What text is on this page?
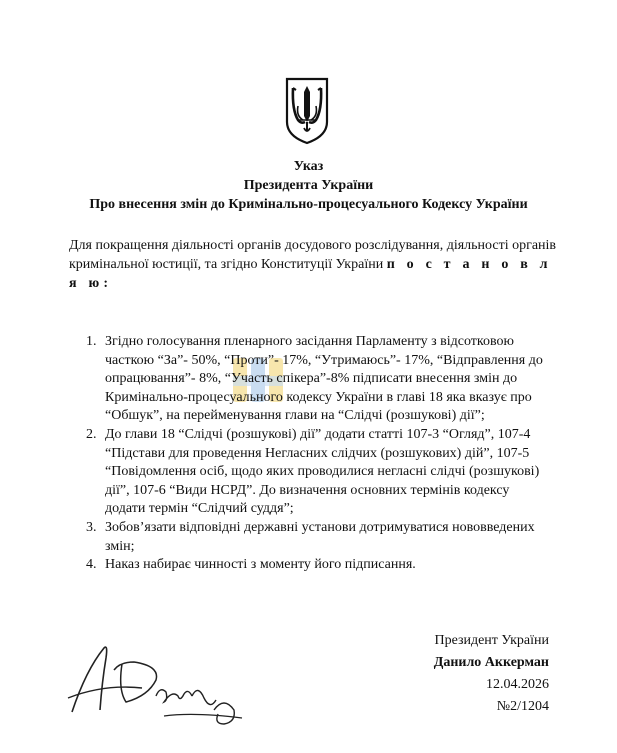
Указ
Президента України
Про внесення змін до Кримінально-процесуального Кодексу України
Для покращення діяльності органів досудового розслідування, діяльності органів кримінальної юстиції, та згідно Конституції України п о с т а н о в л я ю:
1. Згідно голосування пленарного засідання Парламенту з відсотковою часткою “За”- 50%, “Проти”- 17%, “Утримаюсь”- 17%, “Відправлення до опрацювання”- 8%, “Участь спікера”-8% підписати внесення змін до Кримінально-процесуального кодексу України в главі 18 яка вказує про “Обшук”, на перейменування глави на “Слідчі (розшукові) дії”;
2. До глави 18 “Слідчі (розшукові) дії” додати статті 107-3 “Огляд”, 107-4 “Підстави для проведення Негласних слідчих (розшукових) дій”, 107-5 “Повідомлення осіб, щодо яких проводилися негласні слідчі (розшукові) дії”, 107-6 “Види НСРД”. До визначення основних термінів кодексу додати термін “Слідчий суддя”;
3. Зобов’язати відповідні державні установи дотримуватися нововведених змін;
4. Наказ набирає чинності з моменту його підписання.
Президент України
Данило Аккерман
12.04.2026
№2/1204
